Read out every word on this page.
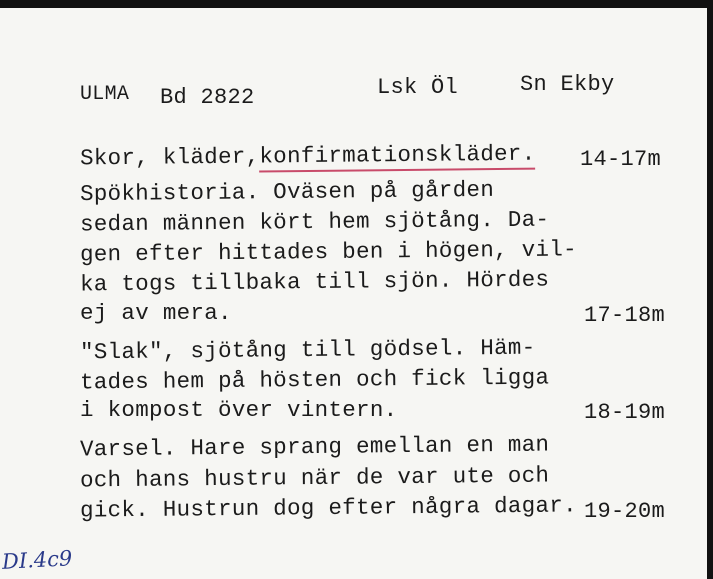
ULMA Bd 2822	Lsk Öl	Sn Ekby
Skor, kläder,konfirmationskläder. 14-17m
Spökhistoria. Oväsen på gården
sedan männen kört hem sjötång. Da-
gen efter hittades ben i högen, vil-
ka togs tillbaka till sjön. Hördes
ej av mera.	17-18m
"Slak", sjötång till gödsel. Häm-
tades hem på hösten och fick ligga
i kompost över vintern.	18-19m
Varsel. Hare sprang emellan en man
och hans hustru när de var ute och
gick. Hustrun dog efter några dagar. 19-20m
DI.4c9
